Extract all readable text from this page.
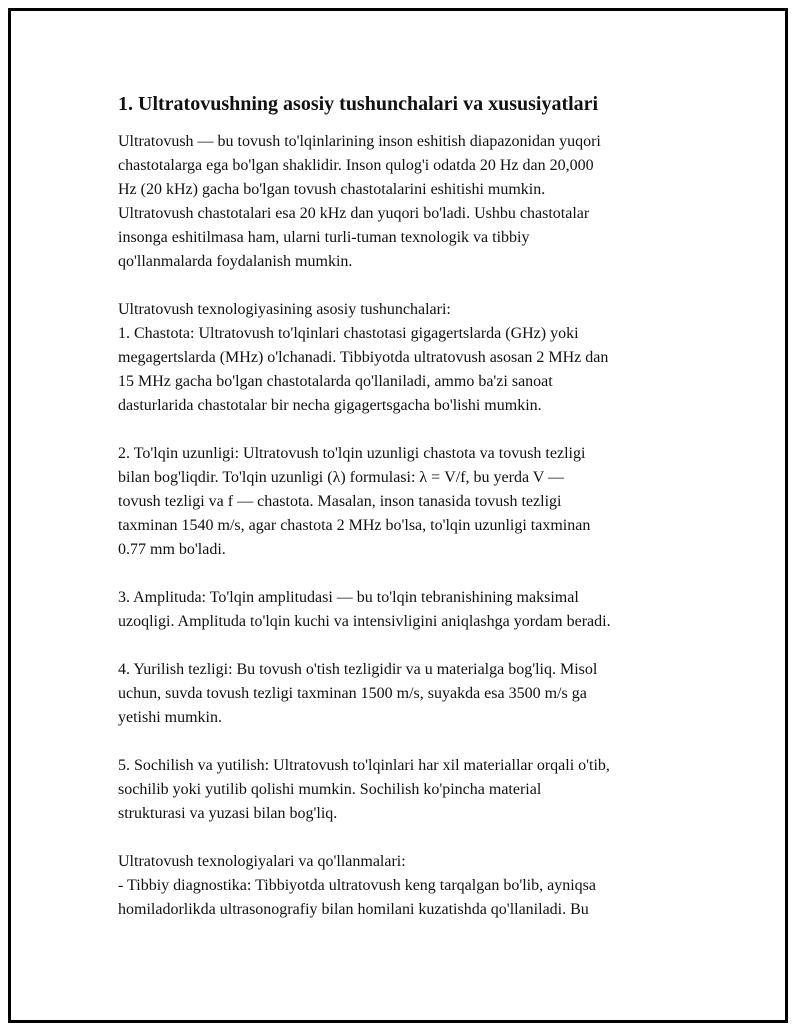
1. Ultratovushning asosiy tushunchalari va xususiyatlari

Ultratovush — bu tovush to'lqinlarining inson eshitish diapazonidan yuqori
chastotalarga ega bo'lgan shaklidir. Inson qulog'i odatda 20 Hz dan 20,000
Hz (20 kHz) gacha bo'lgan tovush chastotalarini eshitishi mumkin.
Ultratovush chastotalari esa 20 kHz dan yuqori bo'ladi. Ushbu chastotalar
insonga eshitilmasa ham, ularni turli-tuman texnologik va tibbiy
qo'llanmalarda foydalanish mumkin.

Ultratovush texnologiyasining asosiy tushunchalari:
1. Chastota: Ultratovush to'lqinlari chastotasi gigagertslarda (GHz) yoki
megagertslarda (MHz) o'lchanadi. Tibbiyotda ultratovush asosan 2 MHz dan
15 MHz gacha bo'lgan chastotalarda qo'llaniladi, ammo ba'zi sanoat
dasturlarida chastotalar bir necha gigagertsgacha bo'lishi mumkin.

2. To'lqin uzunligi: Ultratovush to'lqin uzunligi chastota va tovush tezligi
bilan bog'liqdir. To'lqin uzunligi (λ) formulasi: λ = V/f, bu yerda V —
tovush tezligi va f — chastota. Masalan, inson tanasida tovush tezligi
taxminan 1540 m/s, agar chastota 2 MHz bo'lsa, to'lqin uzunligi taxminan
0.77 mm bo'ladi.

3. Amplituda: To'lqin amplitudasi — bu to'lqin tebranishining maksimal
uzoqligi. Amplituda to'lqin kuchi va intensivligini aniqlashga yordam beradi.

4. Yurilish tezligi: Bu tovush o'tish tezligidir va u materialga bog'liq. Misol
uchun, suvda tovush tezligi taxminan 1500 m/s, suyakda esa 3500 m/s ga
yetishi mumkin.

5. Sochilish va yutilish: Ultratovush to'lqinlari har xil materiallar orqali o'tib,
sochilib yoki yutilib qolishi mumkin. Sochilish ko'pincha material
strukturasi va yuzasi bilan bog'liq.

Ultratovush texnologiyalari va qo'llanmalari:
- Tibbiy diagnostika: Tibbiyotda ultratovush keng tarqalgan bo'lib, ayniqsa
homiladorlikda ultrasonografiy bilan homilani kuzatishda qo'llaniladi. Bu
